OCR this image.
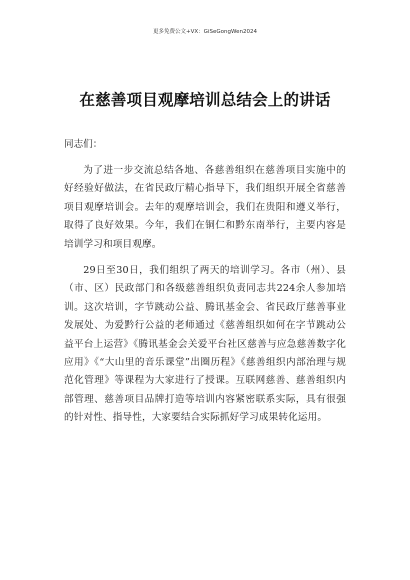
更多免费公文+VX：GiSeGongWen2024
在慈善项目观摩培训总结会上的讲话
同志们：

为了进一步交流总结各地、各慈善组织在慈善项目实施中的好经验好做法，在省民政厅精心指导下，我们组织开展全省慈善项目观摩培训会。去年的观摩培训会，我们在贵阳和遵义举行，取得了良好效果。今年，我们在铜仁和黔东南举行，主要内容是培训学习和项目观摩。

29日至30日，我们组织了两天的培训学习。各市（州）、县（市、区）民政部门和各级慈善组织负责同志共224余人参加培训。这次培训，字节跳动公益、腾讯基金会、省民政厅慈善事业发展处、为爱黔行公益的老师通过《慈善组织如何在字节跳动公益平台上运营》《腾讯基金会关爱平台社区慈善与应急慈善数字化应用》《“大山里的音乐课堂”出圈历程》《慈善组织内部治理与规范化管理》等课程为大家进行了授课。互联网慈善、慈善组织内部管理、慈善项目品牌打造等培训内容紧密联系实际，具有很强的针对性、指导性，大家要结合实际抓好学习成果转化运用。
